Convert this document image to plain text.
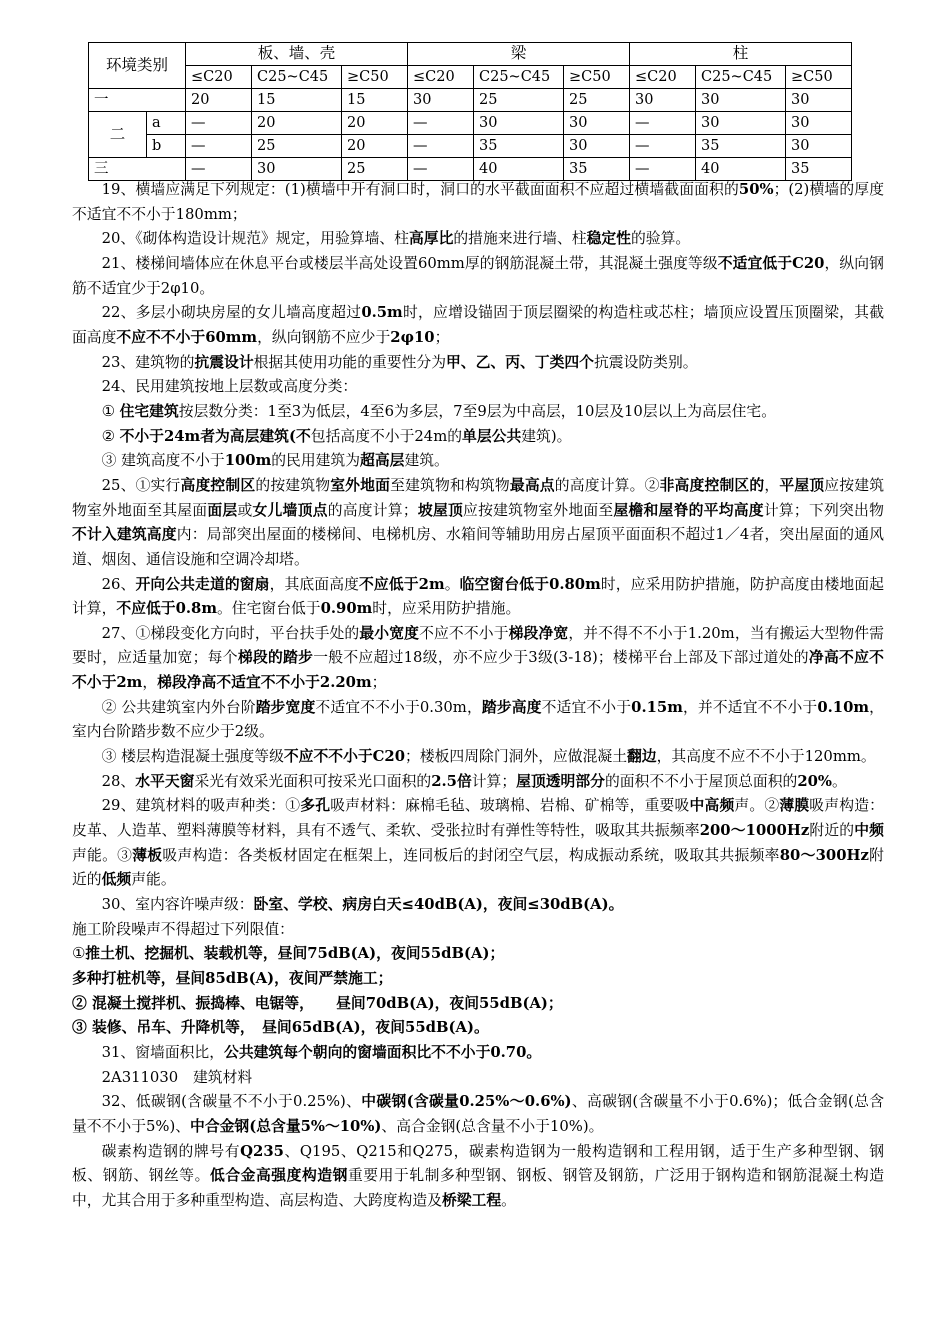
环境类别		板、墙、壳			梁			柱		
		≤C20	C25~C45	≥C50	≤C20	C25~C45	≥C50	≤C20	C25~C45	≥C50
一		20	15	15	30	25	25	30	30	30
二	a	—	20	20	—	30	30	—	30	30
	b	—	25	20	—	35	30	—	35	30
三		—	30	25	—	40	35	—	40	35

19、横墙应满足下列规定：(1)横墙中开有洞口时，洞口的水平截面面积不应超过横墙截面面积的50%；(2)横墙的厚度不适宜不不小于180mm；

20、《砌体构造设计规范》规定，用验算墙、柱高厚比的措施来进行墙、柱稳定性的验算。

21、楼梯间墙体应在休息平台或楼层半高处设置60mm厚的钢筋混凝土带，其混凝土强度等级不适宜低于C20，纵向钢筋不适宜少于2φ10。

22、多层小砌块房屋的女儿墙高度超过0.5m时，应增设锚固于顶层圈梁的构造柱或芯柱；墙顶应设置压顶圈梁，其截面高度不应不不小于60mm，纵向钢筋不应少于2φ10；

23、建筑物的抗震设计根据其使用功能的重要性分为甲、乙、丙、丁类四个抗震设防类别。

24、民用建筑按地上层数或高度分类：

① 住宅建筑按层数分类：1至3为低层，4至6为多层，7至9层为中高层，10层及10层以上为高层住宅。

② 不小于24m者为高层建筑(不包括高度不小于24m的单层公共建筑)。

③ 建筑高度不小于100m的民用建筑为超高层建筑。

25、①实行高度控制区的按建筑物室外地面至建筑物和构筑物最高点的高度计算。②非高度控制区的，平屋顶应按建筑物室外地面至其屋面面层或女儿墙顶点的高度计算；坡屋顶应按建筑物室外地面至屋檐和屋脊的平均高度计算；下列突出物不计入建筑高度内：局部突出屋面的楼梯间、电梯机房、水箱间等辅助用房占屋顶平面面积不超过1／4者，突出屋面的通风道、烟囱、通信设施和空调冷却塔。

26、开向公共走道的窗扇，其底面高度不应低于2m。临空窗台低于0.80m时，应采用防护措施，防护高度由楼地面起计算，不应低于0.8m。住宅窗台低于0.90m时，应采用防护措施。

27、①梯段变化方向时，平台扶手处的最小宽度不应不不小于梯段净宽，并不得不不小于1.20m，当有搬运大型物件需要时，应适量加宽；每个梯段的踏步一般不应超过18级，亦不应少于3级(3-18)；楼梯平台上部及下部过道处的净高不应不不小于2m，梯段净高不适宜不不小于2.20m；

② 公共建筑室内外台阶踏步宽度不适宜不不小于0.30m，踏步高度不适宜不小于0.15m，并不适宜不不小于0.10m，室内台阶踏步数不应少于2级。

③ 楼层构造混凝土强度等级不应不不小于C20；楼板四周除门洞外，应做混凝土翻边，其高度不应不不小于120mm。

28、水平天窗采光有效采光面积可按采光口面积的2.5倍计算；屋顶透明部分的面积不不小于屋顶总面积的20%。

29、建筑材料的吸声种类：①多孔吸声材料：麻棉毛毡、玻璃棉、岩棉、矿棉等，重要吸中高频声。②薄膜吸声构造：皮革、人造革、塑料薄膜等材料，具有不透气、柔软、受张拉时有弹性等特性，吸取其共振频率200～1000Hz附近的中频声能。③薄板吸声构造：各类板材固定在框架上，连同板后的封闭空气层，构成振动系统，吸取其共振频率80～300Hz附近的低频声能。

30、室内容许噪声级：卧室、学校、病房白天≤40dB(A)，夜间≤30dB(A)。

施工阶段噪声不得超过下列限值：

①推土机、挖掘机、装载机等，昼间75dB(A)，夜间55dB(A)；

多种打桩机等，昼间85dB(A)，夜间严禁施工；

② 混凝土搅拌机、振捣棒、电锯等，　　昼间70dB(A)，夜间55dB(A)；

③ 装修、吊车、升降机等，　昼间65dB(A)，夜间55dB(A)。

31、窗墙面积比，公共建筑每个朝向的窗墙面积比不不小于0.70。

2A311030　建筑材料

32、低碳钢(含碳量不不小于0.25%)、中碳钢(含碳量0.25%～0.6%)、高碳钢(含碳量不小于0.6%)；低合金钢(总含量不不小于5%)、中合金钢(总含量5%～10%)、高合金钢(总含量不小于10%)。

碳素构造钢的牌号有Q235、Q195、Q215和Q275，碳素构造钢为一般构造钢和工程用钢，适于生产多种型钢、钢板、钢筋、钢丝等。低合金高强度构造钢重要用于轧制多种型钢、钢板、钢管及钢筋，广泛用于钢构造和钢筋混凝土构造中，尤其合用于多种重型构造、高层构造、大跨度构造及桥梁工程。
